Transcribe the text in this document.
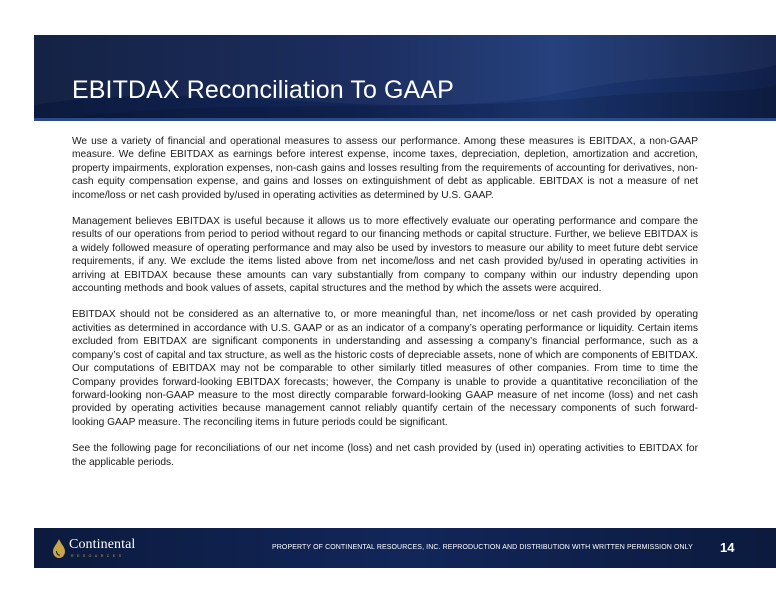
EBITDAX Reconciliation To GAAP

We use a variety of financial and operational measures to assess our performance. Among these measures is EBITDAX, a non-GAAP measure. We define EBITDAX as earnings before interest expense, income taxes, depreciation, depletion, amortization and accretion, property impairments, exploration expenses, non-cash gains and losses resulting from the requirements of accounting for derivatives, non-cash equity compensation expense, and gains and losses on extinguishment of debt as applicable. EBITDAX is not a measure of net income/loss or net cash provided by/used in operating activities as determined by U.S. GAAP.

Management believes EBITDAX is useful because it allows us to more effectively evaluate our operating performance and compare the results of our operations from period to period without regard to our financing methods or capital structure. Further, we believe EBITDAX is a widely followed measure of operating performance and may also be used by investors to measure our ability to meet future debt service requirements, if any. We exclude the items listed above from net income/loss and net cash provided by/used in operating activities in arriving at EBITDAX because these amounts can vary substantially from company to company within our industry depending upon accounting methods and book values of assets, capital structures and the method by which the assets were acquired.

EBITDAX should not be considered as an alternative to, or more meaningful than, net income/loss or net cash provided by operating activities as determined in accordance with U.S. GAAP or as an indicator of a company’s operating performance or liquidity. Certain items excluded from EBITDAX are significant components in understanding and assessing a company’s financial performance, such as a company’s cost of capital and tax structure, as well as the historic costs of depreciable assets, none of which are components of EBITDAX. Our computations of EBITDAX may not be comparable to other similarly titled measures of other companies. From time to time the Company provides forward-looking EBITDAX forecasts; however, the Company is unable to provide a quantitative reconciliation of the forward-looking non-GAAP measure to the most directly comparable forward-looking GAAP measure of net income (loss) and net cash provided by operating activities because management cannot reliably quantify certain of the necessary components of such forward-looking GAAP measure. The reconciling items in future periods could be significant.

See the following page for reconciliations of our net income (loss) and net cash provided by (used in) operating activities to EBITDAX for the applicable periods.

Continental
RESOURCES
PROPERTY OF CONTINENTAL RESOURCES, INC. REPRODUCTION AND DISTRIBUTION WITH WRITTEN PERMISSION ONLY 14
